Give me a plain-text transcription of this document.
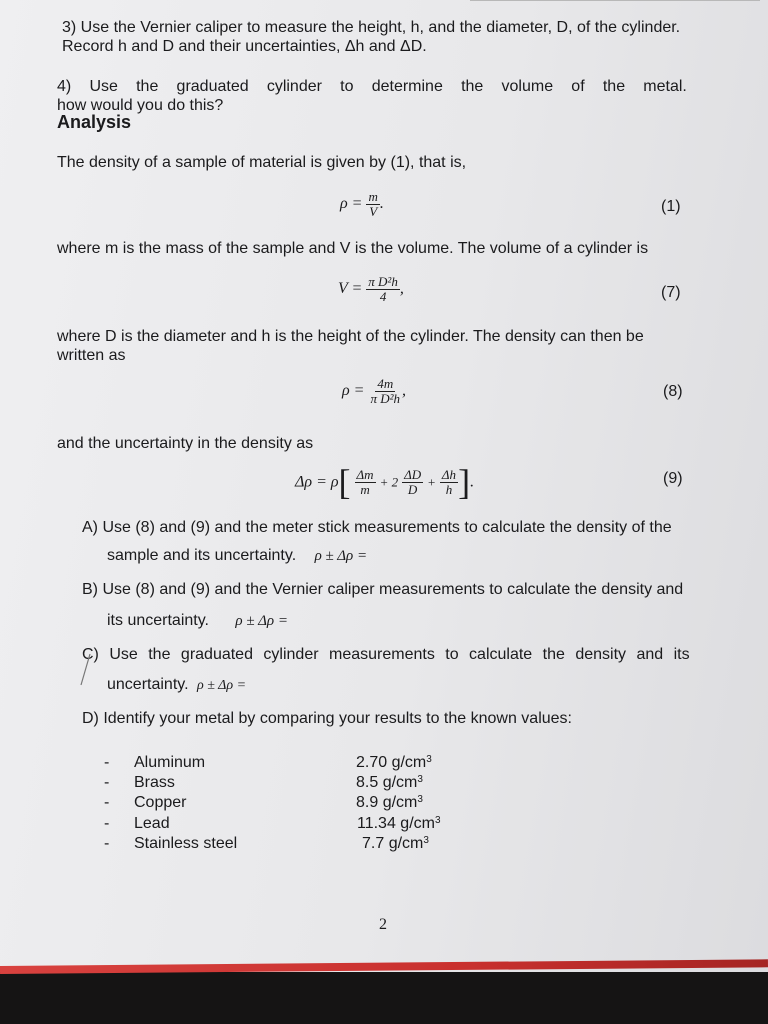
3) Use the Vernier caliper to measure the height, h, and the diameter, D, of the cylinder.
Record h and D and their uncertainties, Δh and ΔD.
4) Use the graduated cylinder to determine the volume of the metal.
how would you do this?
Analysis
The density of a sample of material is given by (1), that is,
$\rho = \frac{m}{V}$ .	(1)
where m is the mass of the sample and V is the volume. The volume of a cylinder is
$V = \frac{\text{π D²h}}{4}$ ,	(7)
where D is the diameter and h is the height of the cylinder. The density can then be
written as
$\rho = \frac{4m}{\text{π D²h}}$ ,	(8)
and the uncertainty in the density as
$\Delta\rho = \rho[ \frac{\Delta m}{m} + 2 \frac{\Delta D}{D} + \frac{\Delta h}{h}$ ].	(9)
A) Use (8) and (9) and the meter stick measurements to calculate the density of the
sample and its uncertainty. ρ ± Δρ =
B) Use (8) and (9) and the Vernier caliper measurements to calculate the density and
its uncertainty. ρ ± Δρ =
C) Use the graduated cylinder measurements to calculate the density and its
uncertainty. ρ ± Δρ =
D) Identify your metal by comparing your results to the known values:
- Aluminum	2.70 $g/cm^3$
- Brass	8.5 $g/cm^3$
- Copper	8.9 $g/cm^3$
- Lead	11.34 $g/cm^3$
- Stainless steel	7.7 $g/cm^3$
2
